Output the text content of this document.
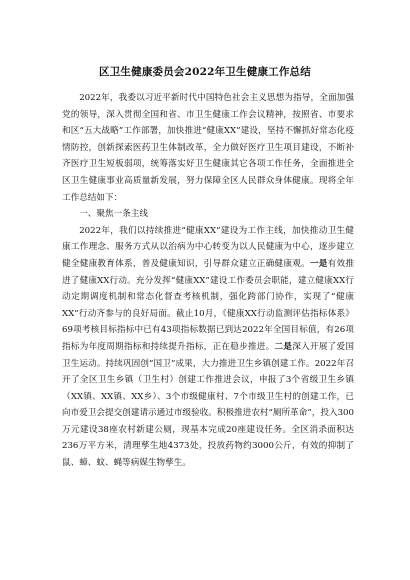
区卫生健康委员会2022年卫生健康工作总结

2022年，我委以习近平新时代中国特色社会主义思想为指导，全面加强党的领导，深入贯彻全国和省、市卫生健康工作会议精神，按照省、市要求和区“五大战略”工作部署，加快推进“健康XX”建设，坚持不懈抓好常态化疫情防控，创新探索医药卫生体制改革，全力做好医疗卫生项目建设，不断补齐医疗卫生短板弱项，统筹落实好卫生健康其它各项工作任务，全面推进全区卫生健康事业高质量新发展，努力保障全区人民群众身体健康。现将全年工作总结如下：

一、聚焦一条主线

2022年，我们以持续推进“健康XX”建设为工作主线，加快推动卫生健康工作理念、服务方式从以治病为中心转变为以人民健康为中心，逐步建立健全健康教育体系，普及健康知识，引导群众建立正确健康观。一是有效推进了健康XX行动。充分发挥“健康XX”建设工作委员会职能，建立健康XX行动定期调度机制和常态化督查考核机制，强化跨部门协作，实现了“健康XX”行动齐参与的良好局面。截止10月，《健康XX行动监测评估指标体系》69项考核目标指标中已有43项指标数据已到达2022年全国目标值，有26项指标为年度周期指标和持续提升指标，正在稳步推进。二是深入开展了爱国卫生运动。持续巩固创“国卫”成果，大力推进卫生乡镇创建工作。2022年召开了全区卫生乡镇（卫生村）创建工作推进会议，申报了3个省级卫生乡镇（XX镇、XX镇、XX乡）、3个市级健康村、7个市级卫生村的创建工作，已向市爱卫会提交创建请示通过市级验收。积极推进农村“厕所革命”，投入300万元建设38座农村新建公厕，现基本完成20座建设任务。全区消杀面积达236万平方米，清理孳生地4373处，投放药物约3000公斤，有效的抑制了鼠、蟑、蚊、蝇等病媒生物孳生。
